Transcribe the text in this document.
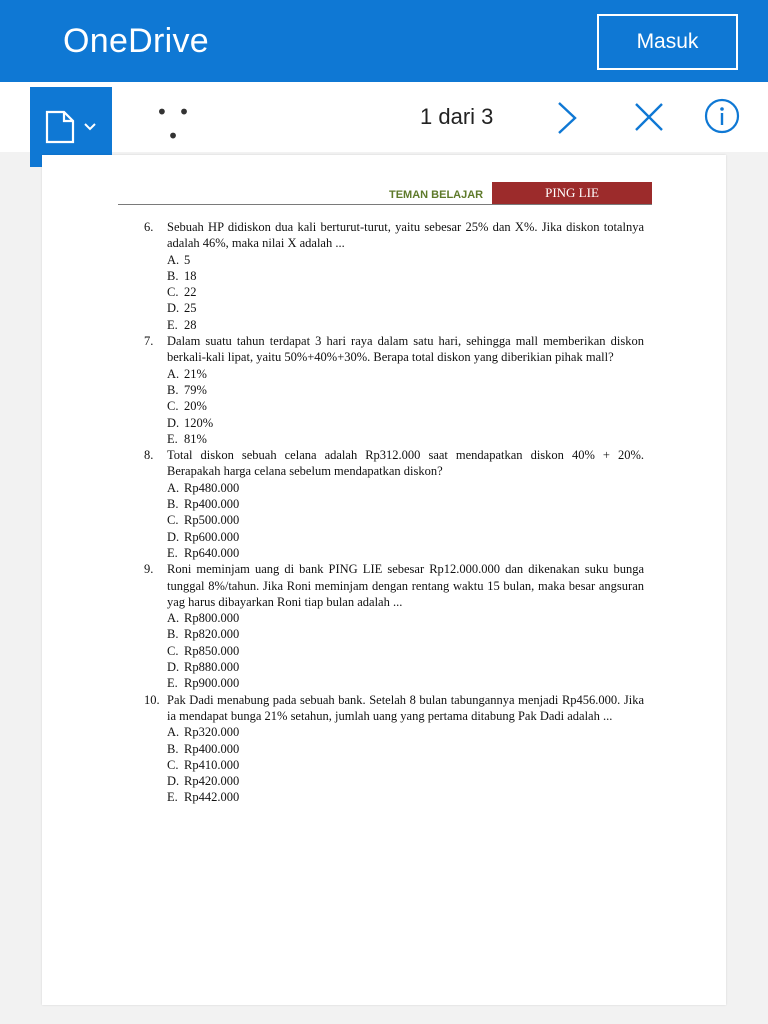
OneDrive	Masuk
• • •
1 dari 3
TEMAN BELAJAR	PING LIE
6. Sebuah HP didiskon dua kali berturut-turut, yaitu sebesar 25% dan X%. Jika diskon totalnya adalah 46%, maka nilai X adalah ...
A. 5
B. 18
C. 22
D. 25
E. 28
7. Dalam suatu tahun terdapat 3 hari raya dalam satu hari, sehingga mall memberikan diskon berkali-kali lipat, yaitu 50%+40%+30%. Berapa total diskon yang diberikian pihak mall?
A. 21%
B. 79%
C. 20%
D. 120%
E. 81%
8. Total diskon sebuah celana adalah Rp312.000 saat mendapatkan diskon 40% + 20%. Berapakah harga celana sebelum mendapatkan diskon?
A. Rp480.000
B. Rp400.000
C. Rp500.000
D. Rp600.000
E. Rp640.000
9. Roni meminjam uang di bank PING LIE sebesar Rp12.000.000 dan dikenakan suku bunga tunggal 8%/tahun. Jika Roni meminjam dengan rentang waktu 15 bulan, maka besar angsuran yag harus dibayarkan Roni tiap bulan adalah ...
A. Rp800.000
B. Rp820.000
C. Rp850.000
D. Rp880.000
E. Rp900.000
10. Pak Dadi menabung pada sebuah bank. Setelah 8 bulan tabungannya menjadi Rp456.000. Jika ia mendapat bunga 21% setahun, jumlah uang yang pertama ditabung Pak Dadi adalah ...
A. Rp320.000
B. Rp400.000
C. Rp410.000
D. Rp420.000
E. Rp442.000
